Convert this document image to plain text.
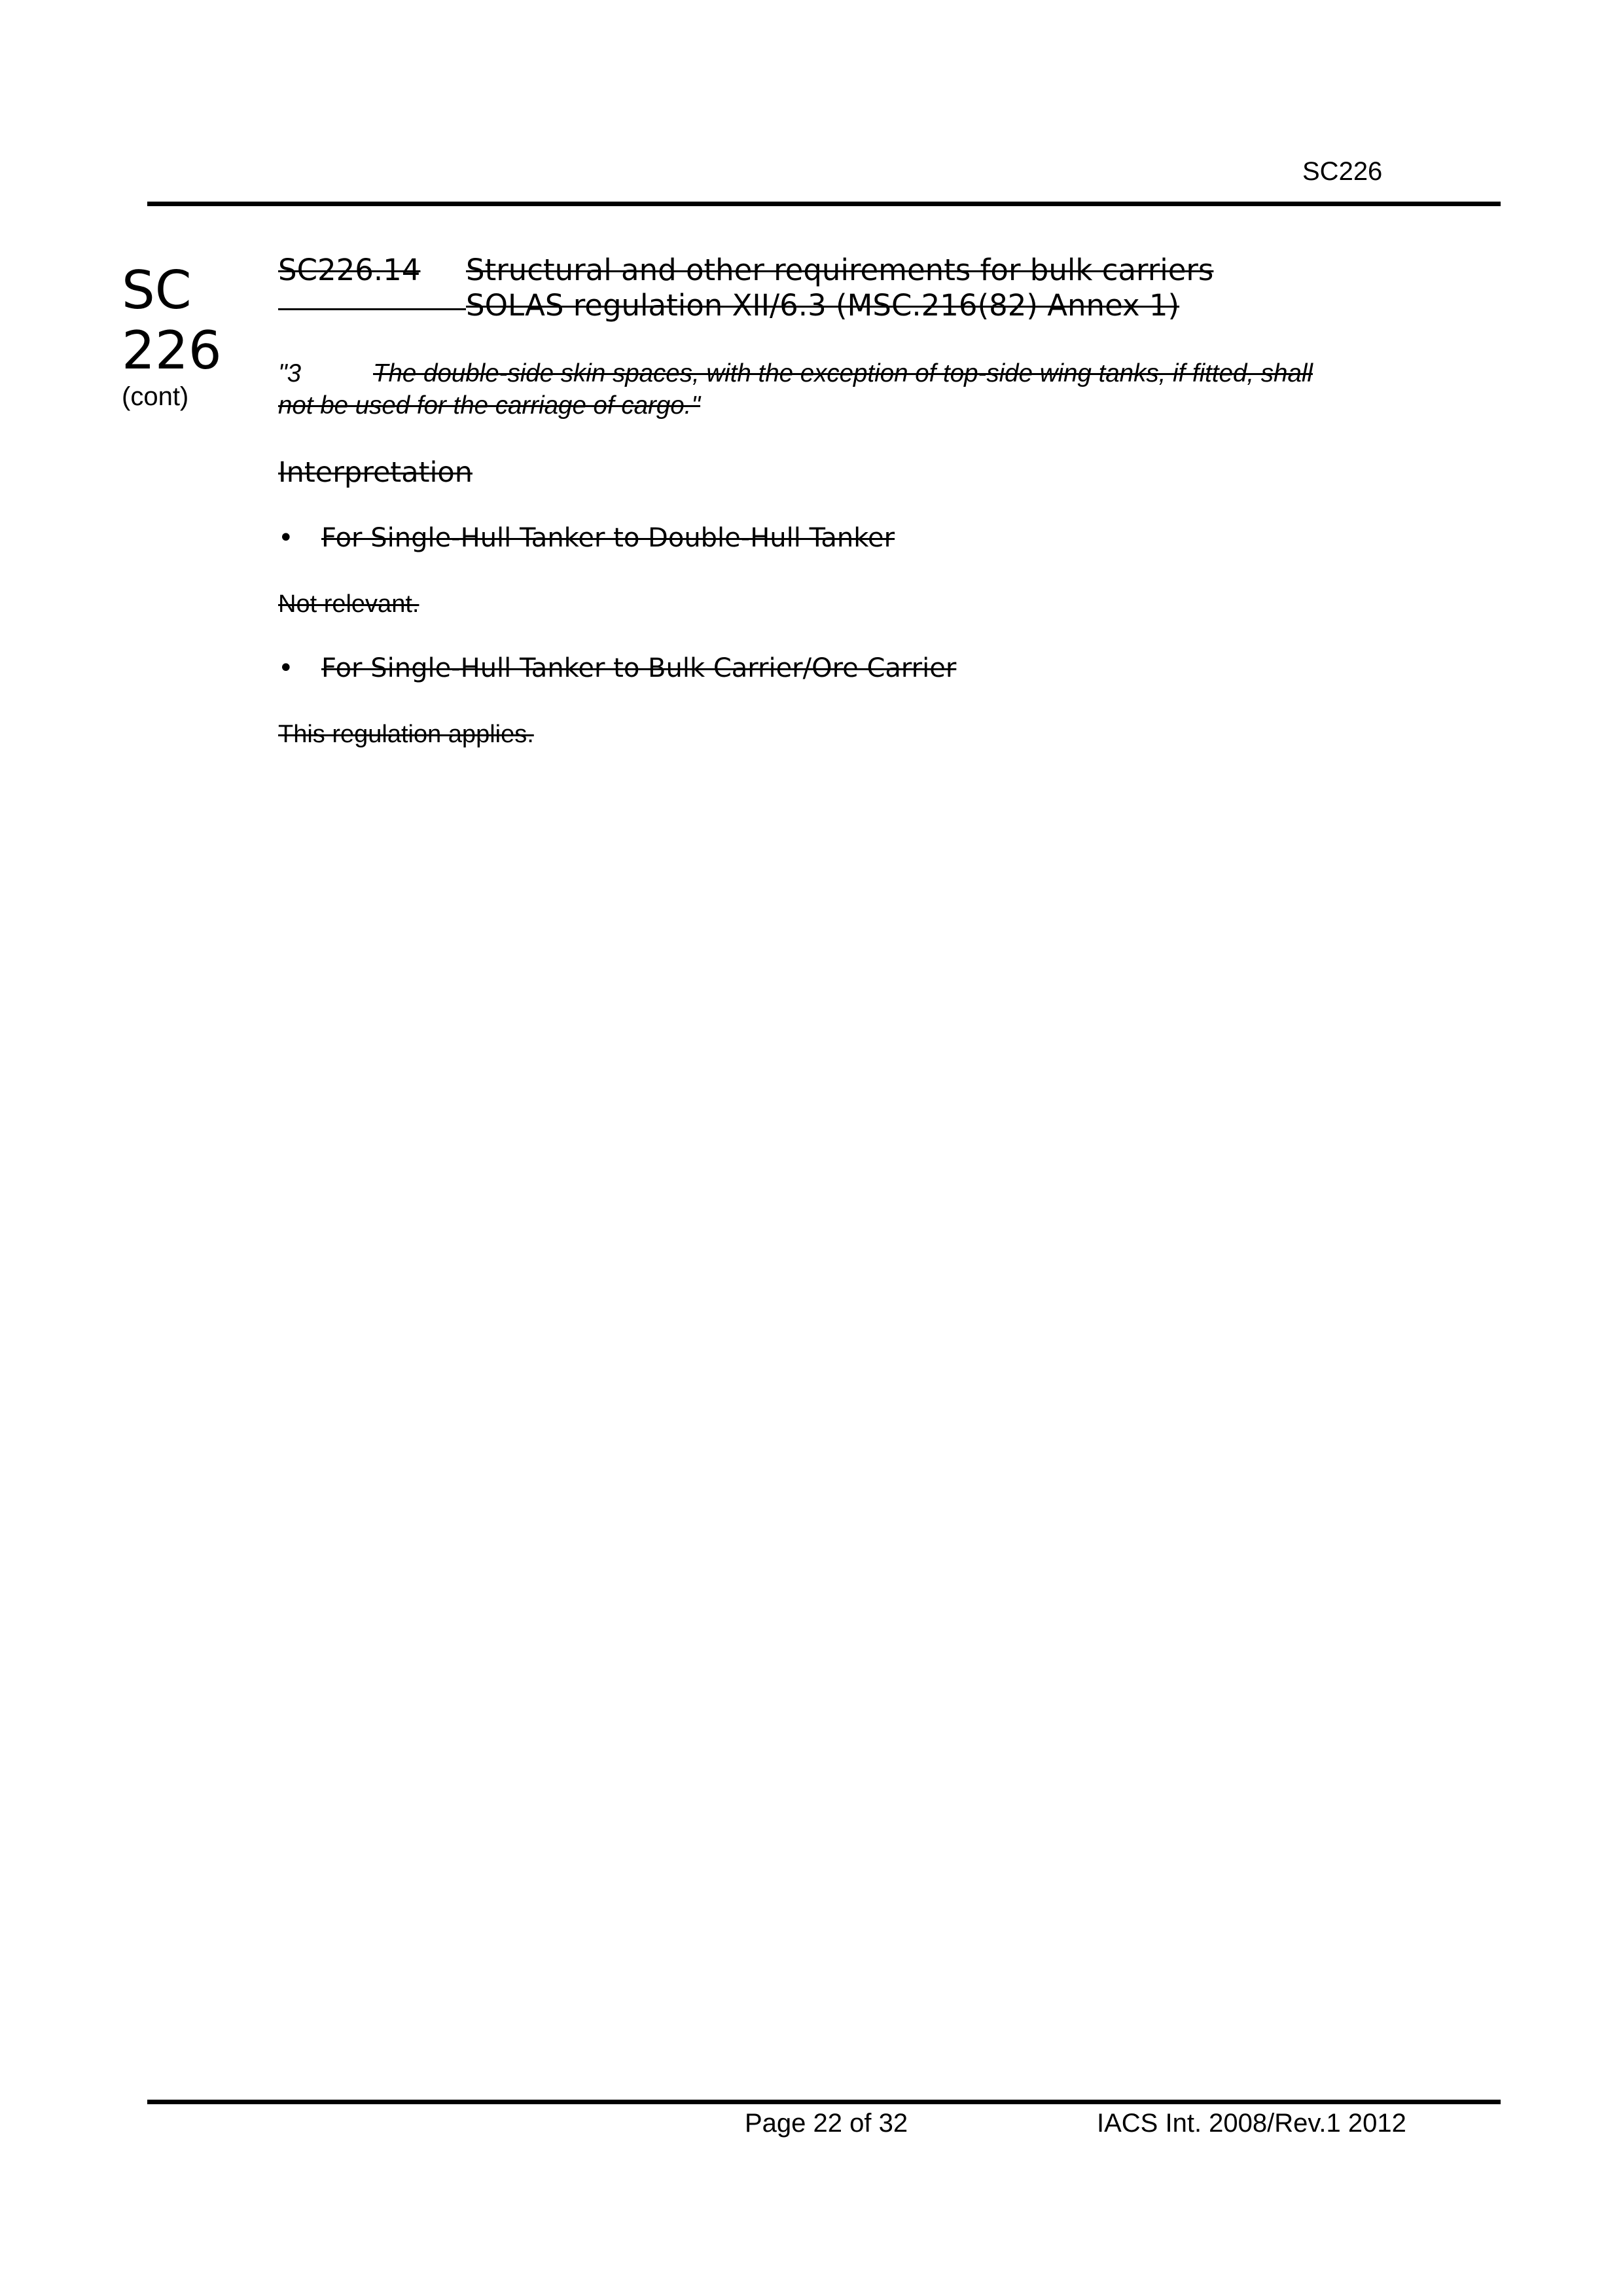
SC226
SC
226
(cont)
SC226.14 Structural and other requirements for bulk carriers
SOLAS regulation XII/6.3 (MSC.216(82) Annex 1)
"3	The double-side skin spaces, with the exception of top-side wing tanks, if fitted, shall
not be used for the carriage of cargo."
Interpretation
• For Single-Hull Tanker to Double-Hull Tanker
Not relevant.
• For Single-Hull Tanker to Bulk Carrier/Ore Carrier
This regulation applies.
Page 22 of 32	IACS Int. 2008/Rev.1 2012
